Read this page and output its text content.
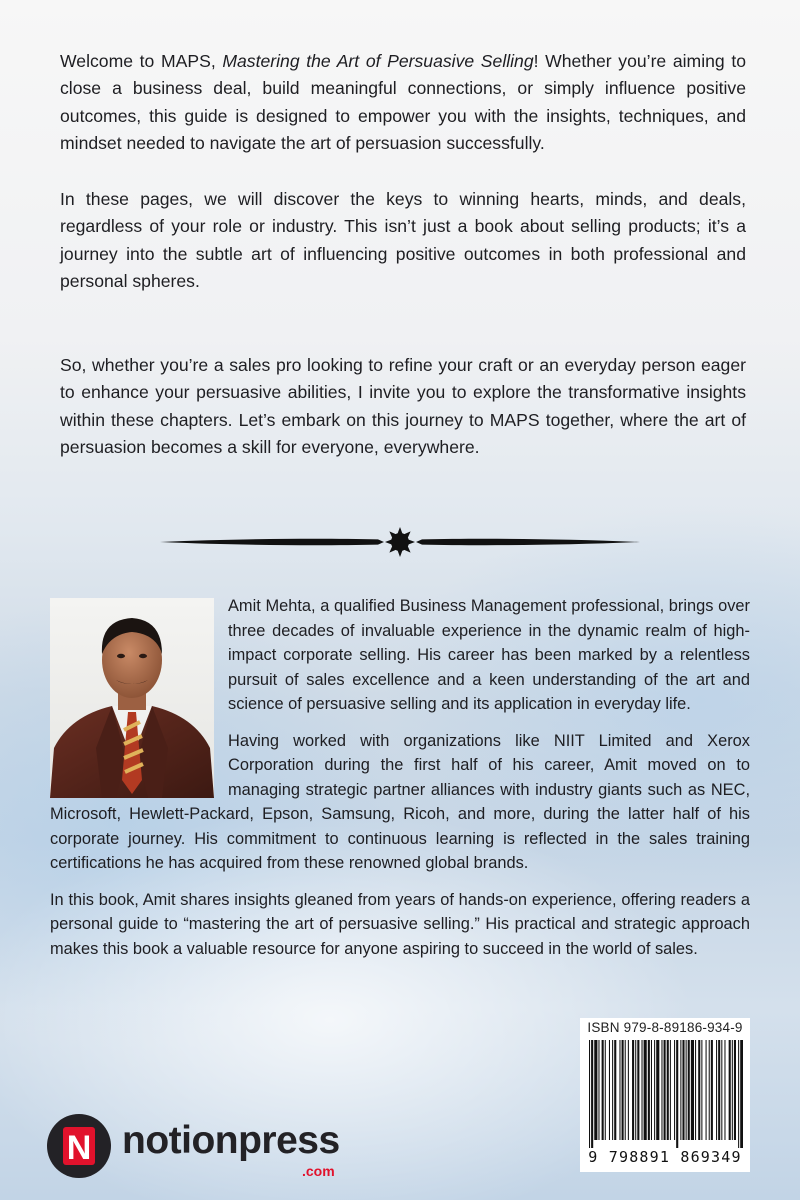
Welcome to MAPS, Mastering the Art of Persuasive Selling! Whether you’re aiming to close a business deal, build meaningful connections, or simply influence positive outcomes, this guide is designed to empower you with the insights, techniques, and mindset needed to navigate the art of persuasion successfully.

In these pages, we will discover the keys to winning hearts, minds, and deals, regardless of your role or industry. This isn’t just a book about selling products; it’s a journey into the subtle art of influencing positive outcomes in both professional and personal spheres.

So, whether you’re a sales pro looking to refine your craft or an everyday person eager to enhance your persuasive abilities, I invite you to explore the transformative insights within these chapters. Let’s embark on this journey to MAPS together, where the art of persuasion becomes a skill for everyone, everywhere.

Amit Mehta, a qualified Business Management professional, brings over three decades of invaluable experience in the dynamic realm of high-impact corporate selling. His career has been marked by a relentless pursuit of sales excellence and a keen understanding of the art and science of persuasive selling and its application in everyday life.

Having worked with organizations like NIIT Limited and Xerox Corporation during the first half of his career, Amit moved on to managing strategic partner alliances with industry giants such as NEC, Microsoft, Hewlett-Packard, Epson, Samsung, Ricoh, and more, during the latter half of his corporate journey. His commitment to continuous learning is reflected in the sales training certifications he has acquired from these renowned global brands.

In this book, Amit shares insights gleaned from years of hands-on experience, offering readers a personal guide to “mastering the art of persuasive selling.” His practical and strategic approach makes this book a valuable resource for anyone aspiring to succeed in the world of sales.

ISBN 979-8-89186-934-9
9 798891 869349
N notionpress
.com
